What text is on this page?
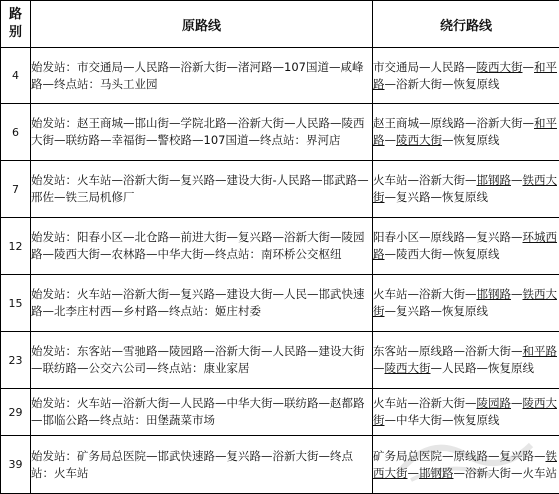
路
别	原路线	绕行路线
4	始发站：市交通局—人民路—浴新大街—渚河路—107国道—咸峰路—终点站：马头工业园	市交通局—人民路—陵西大街—和平路—浴新大街—恢复原线
6	始发站：赵王商城—邯山街—学院北路—浴新大街—人民路—陵西大街—联纺路—幸福街—警校路—107国道—终点站：界河店	赵王商城—原线路—浴新大街—和平路—陵西大街—恢复原线
7	始发站：火车站—浴新大街—复兴路—建设大街-人民路—邯武路—邢佐—铁三局机修厂	火车站—浴新大街—邯钢路—铁西大街—复兴路—恢复原线
12	始发站：阳春小区—北仓路—前进大街—复兴路—浴新大街—陵园路—陵西大街—农林路—中华大街—终点站：南环桥公交枢纽	阳春小区—原线路—复兴路—环城西路—陵西大街—恢复原线
15	始发站：火车站—浴新大街—复兴路—建设大街—人民—邯武快速路—北李庄村西—乡村路—终点站：姬庄村委	火车站—浴新大街—邯钢路—铁西大街—复兴路—恢复原线
23	始发站：东客站—雪驰路—陵园路—浴新大街—人民路—建设大街—联纺路—公交六公司—终点站：康业家居	东客站—原线路—浴新大街—和平路—陵西大街—人民路—恢复原线
29	始发站：火车站—浴新大街—人民路—中华大街—联纺路—赵都路—邯临公路—终点站：田堡蔬菜市场	火车站—浴新大街—陵园路—陵西大街—中华大街—恢复原线
39	始发站：矿务局总医院—邯武快速路—复兴路—浴新大街—终点站：火车站	矿务局总医院—原线路—复兴路—铁西大街—邯钢路—浴新大街—火车站
